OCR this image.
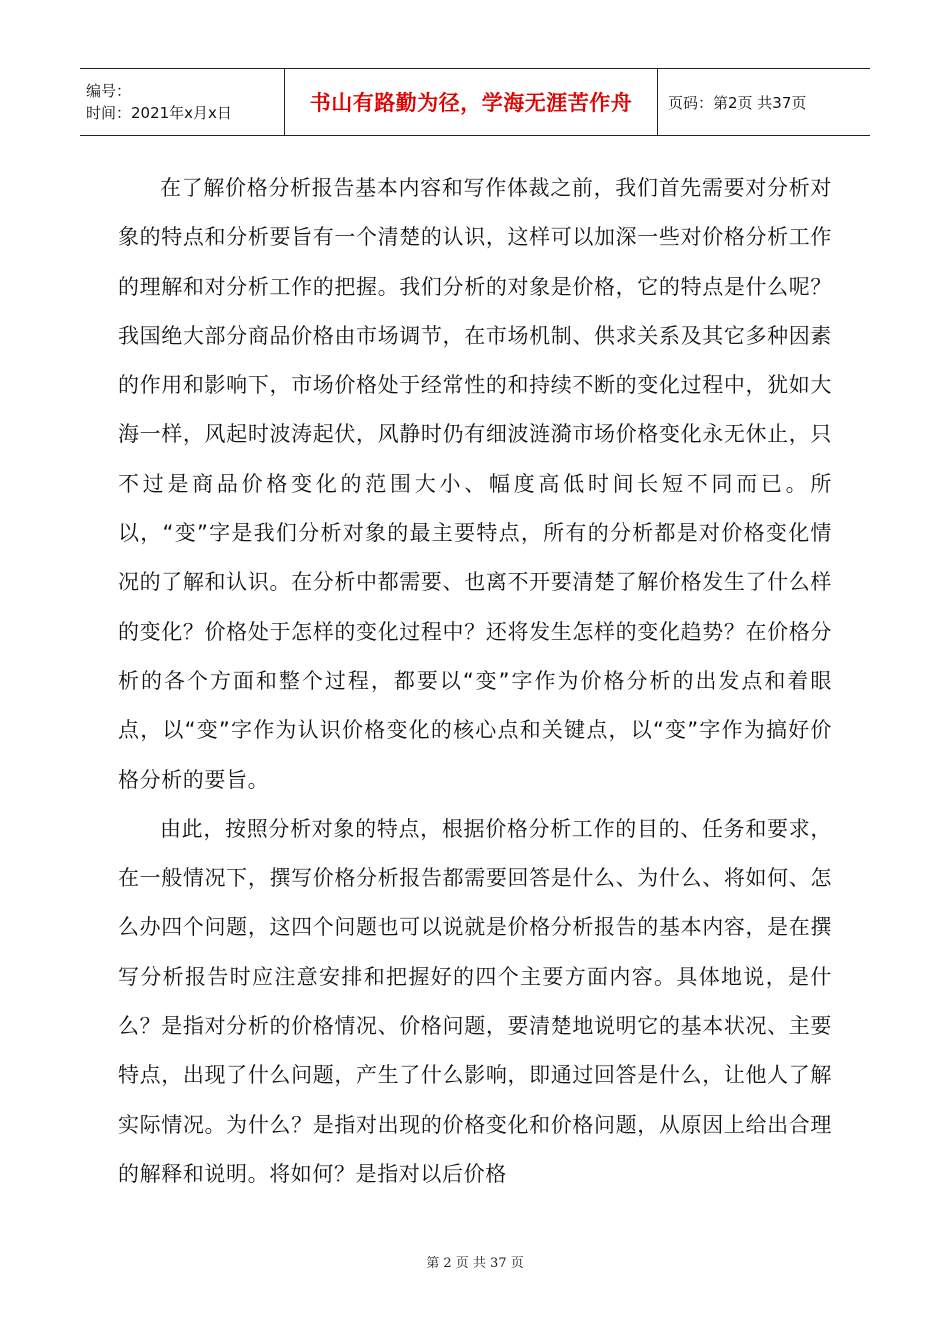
编号：
时间：2021年x月x日	书山有路勤为径，学海无涯苦作舟 页码：第2页 共37页

在了解价格分析报告基本内容和写作体裁之前，我们首先需要对分析对象的特点和分析要旨有一个清楚的认识，这样可以加深一些对价格分析工作的理解和对分析工作的把握。我们分析的对象是价格，它的特点是什么呢？我国绝大部分商品价格由市场调节，在市场机制、供求关系及其它多种因素的作用和影响下，市场价格处于经常性的和持续不断的变化过程中，犹如大海一样，风起时波涛起伏，风静时仍有细波涟漪市场价格变化永无休止，只不过是商品价格变化的范围大小、幅度高低时间长短不同而已。所以，“变”字是我们分析对象的最主要特点，所有的分析都是对价格变化情况的了解和认识。在分析中都需要、也离不开要清楚了解价格发生了什么样的变化？价格处于怎样的变化过程中？还将发生怎样的变化趋势？在价格分析的各个方面和整个过程，都要以“变”字作为价格分析的出发点和着眼点，以“变”字作为认识价格变化的核心点和关键点，以“变”字作为搞好价格分析的要旨。

由此，按照分析对象的特点，根据价格分析工作的目的、任务和要求，在一般情况下，撰写价格分析报告都需要回答是什么、为什么、将如何、怎么办四个问题，这四个问题也可以说就是价格分析报告的基本内容，是在撰写分析报告时应注意安排和把握好的四个主要方面内容。具体地说，是什么？是指对分析的价格情况、价格问题，要清楚地说明它的基本状况、主要特点，出现了什么问题，产生了什么影响，即通过回答是什么，让他人了解实际情况。为什么？是指对出现的价格变化和价格问题，从原因上给出合理的解释和说明。将如何？是指对以后价格

第 2 页 共 37 页
